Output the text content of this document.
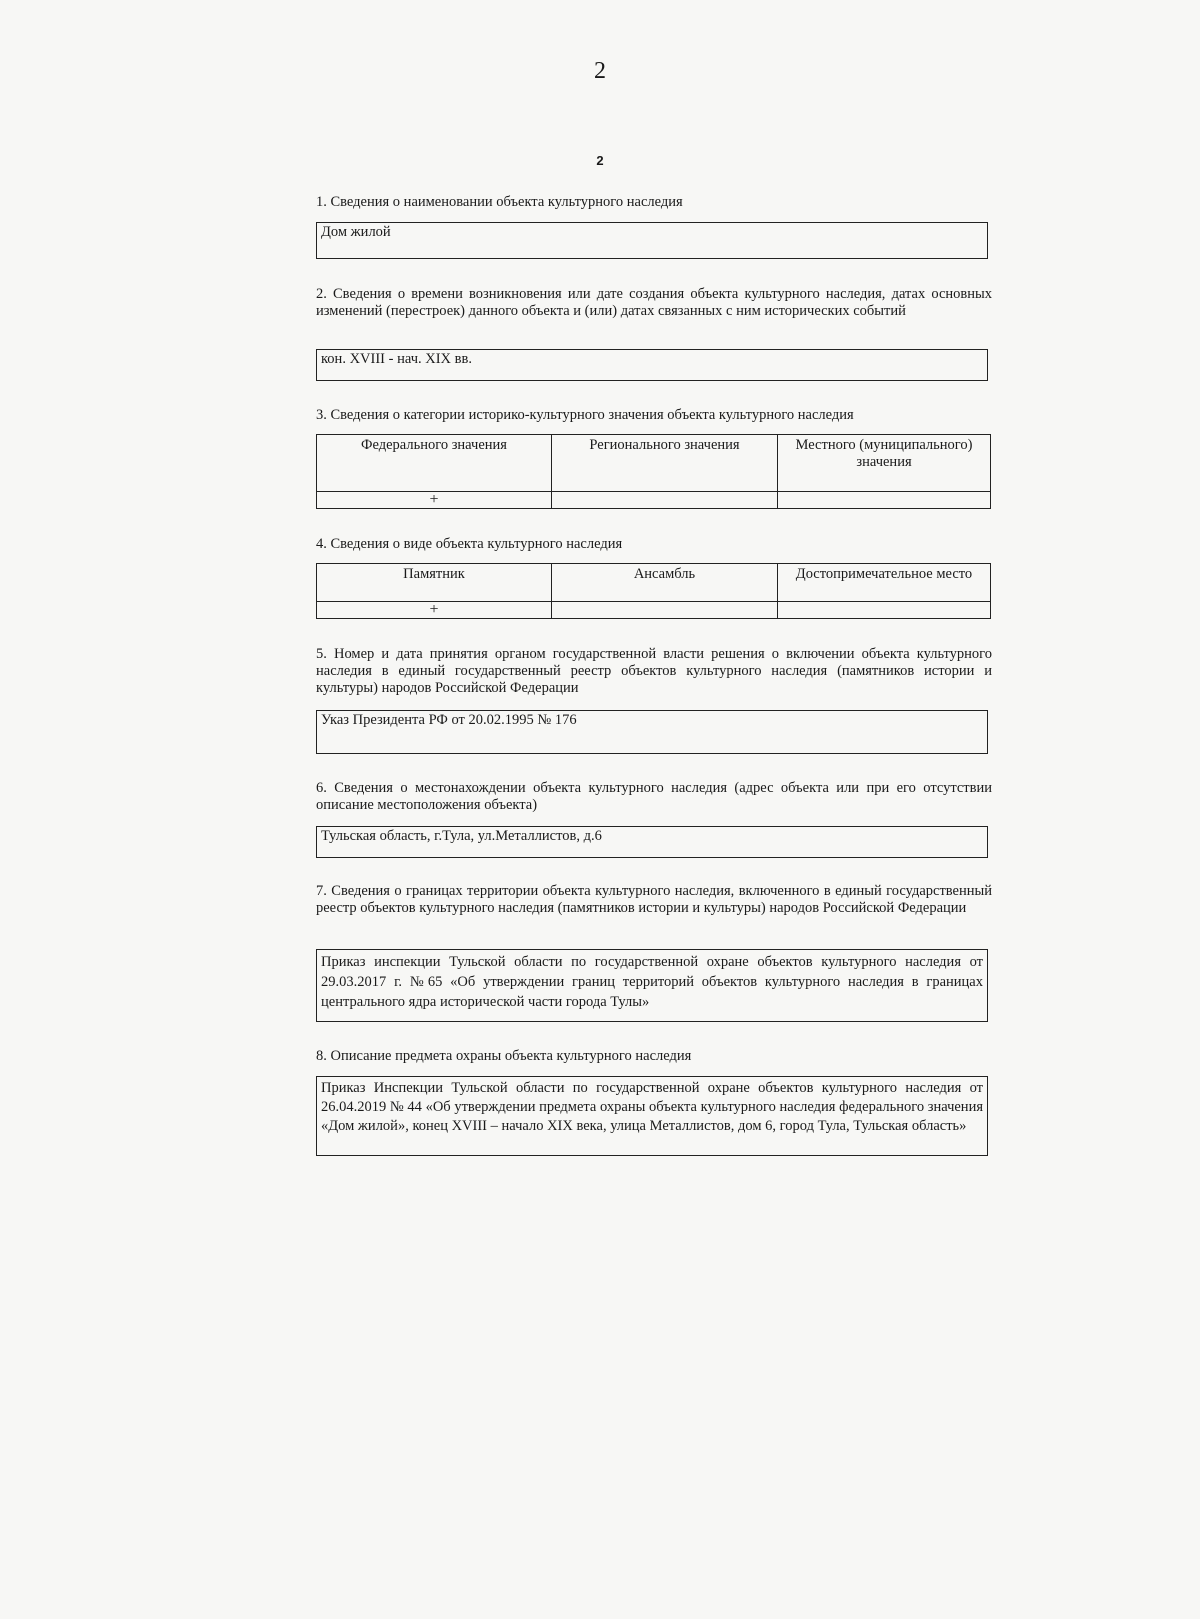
2
2
1. Сведения о наименовании объекта культурного наследия
Дом жилой
2. Сведения о времени возникновения или дате создания объекта культурного наследия, датах основных изменений (перестроек) данного объекта и (или) датах связанных с ним исторических событий
кон. XVIII - нач. XIX вв.
3. Сведения о категории историко-культурного значения объекта культурного наследия
Федерального значения	Регионального значения	Местного (муниципального) значения
+		
4. Сведения о виде объекта культурного наследия
Памятник	Ансамбль	Достопримечательное место
+		
5. Номер и дата принятия органом государственной власти решения о включении объекта культурного наследия в единый государственный реестр объектов культурного наследия (памятников истории и культуры) народов Российской Федерации
Указ Президента РФ от 20.02.1995 № 176
6. Сведения о местонахождении объекта культурного наследия (адрес объекта или при его отсутствии описание местоположения объекта)
Тульская область, г.Тула, ул.Металлистов, д.6
7. Сведения о границах территории объекта культурного наследия, включенного в единый государственный реестр объектов культурного наследия (памятников истории и культуры) народов Российской Федерации
Приказ инспекции Тульской области по государственной охране объектов культурного наследия от 29.03.2017 г. №65 «Об утверждении границ территорий объектов культурного наследия в границах центрального ядра исторической части города Тулы»
8. Описание предмета охраны объекта культурного наследия
Приказ Инспекции Тульской области по государственной охране объектов культурного наследия от 26.04.2019 № 44 «Об утверждении предмета охраны объекта культурного наследия федерального значения «Дом жилой», конец XVIII – начало XIX века, улица Металлистов, дом 6, город Тула, Тульская область»
